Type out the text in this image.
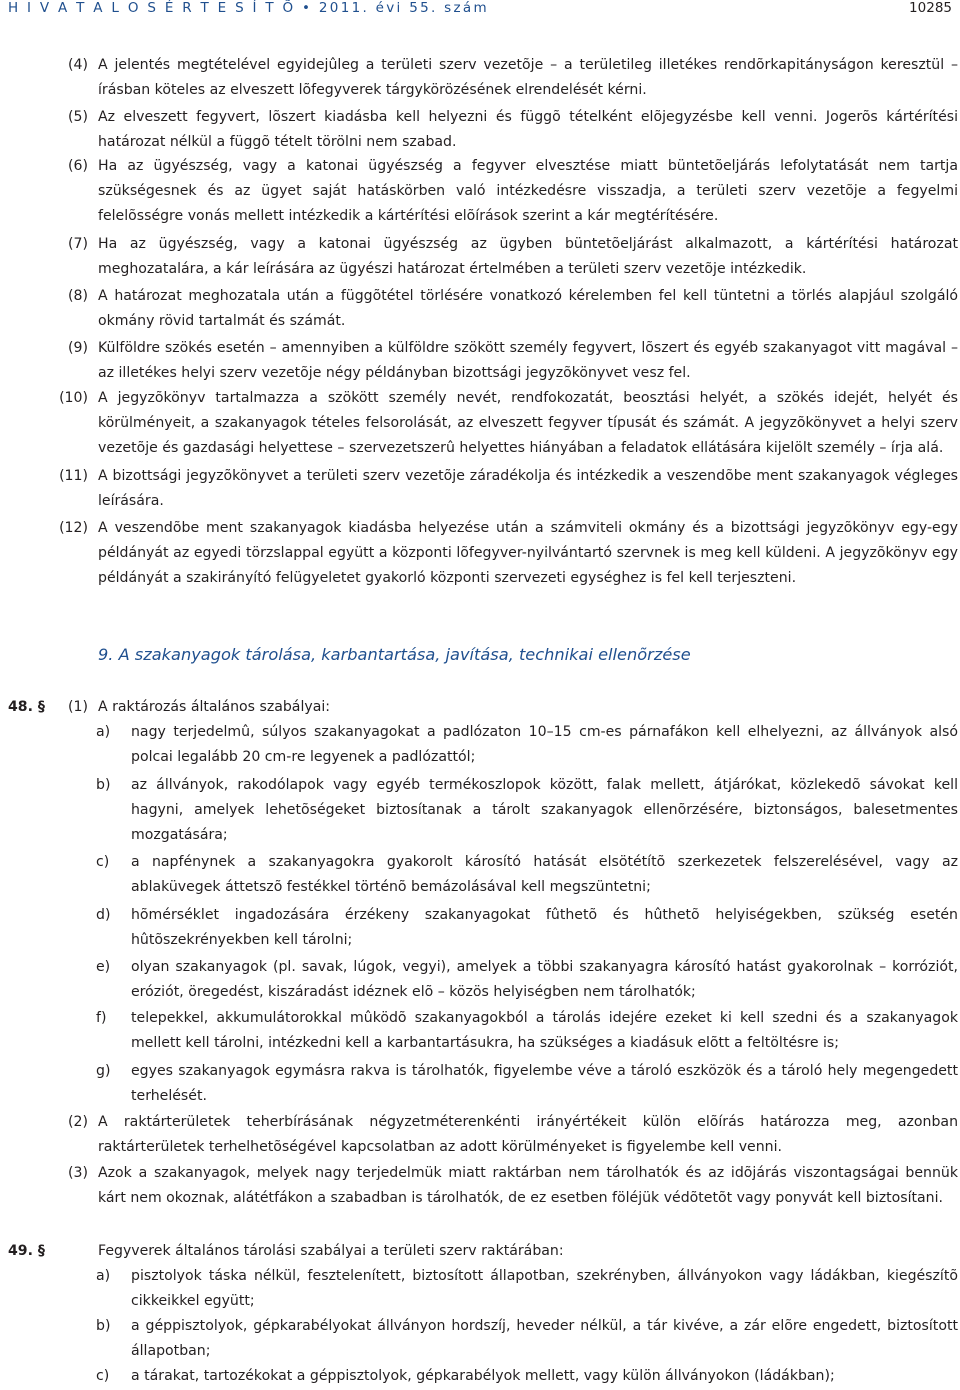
H I V A T A L O S É R T E S Í T Õ • 2011. évi 55. szám	10285
(4) A jelentés megtételével egyidejûleg a területi szerv vezetõje – a területileg illetékes rendõrkapitányságon keresztül – írásban köteles az elveszett lõfegyverek tárgykörözésének elrendelését kérni.

(5) Az elveszett fegyvert, lõszert kiadásba kell helyezni és függõ tételként elõjegyzésbe kell venni. Jogerõs kártérítési határozat nélkül a függõ tételt törölni nem szabad.

(6) Ha az ügyészség, vagy a katonai ügyészség a fegyver elvesztése miatt büntetõeljárás lefolytatását nem tartja szükségesnek és az ügyet saját hatáskörben való intézkedésre visszadja, a területi szerv vezetõje a fegyelmi felelõsségre vonás mellett intézkedik a kártérítési elõírások szerint a kár megtérítésére.

(7) Ha az ügyészség, vagy a katonai ügyészség az ügyben büntetõeljárást alkalmazott, a kártérítési határozat meghozatalára, a kár leírására az ügyészi határozat értelmében a területi szerv vezetõje intézkedik.

(8) A határozat meghozatala után a függõtétel törlésére vonatkozó kérelemben fel kell tüntetni a törlés alapjául szolgáló okmány rövid tartalmát és számát.

(9) Külföldre szökés esetén – amennyiben a külföldre szökött személy fegyvert, lõszert és egyéb szakanyagot vitt magával – az illetékes helyi szerv vezetõje négy példányban bizottsági jegyzõkönyvet vesz fel.

(10) A jegyzõkönyv tartalmazza a szökött személy nevét, rendfokozatát, beosztási helyét, a szökés idejét, helyét és körülményeit, a szakanyagok tételes felsorolását, az elveszett fegyver típusát és számát. A jegyzõkönyvet a helyi szerv vezetõje és gazdasági helyettese – szervezetszerû helyettes hiányában a feladatok ellátására kijelölt személy – írja alá.

(11) A bizottsági jegyzõkönyvet a területi szerv vezetõje záradékolja és intézkedik a veszendõbe ment szakanyagok végleges leírására.

(12) A veszendõbe ment szakanyagok kiadásba helyezése után a számviteli okmány és a bizottsági jegyzõkönyv egy-egy példányát az egyedi törzslappal együtt a központi lõfegyver-nyilvántartó szervnek is meg kell küldeni. A jegyzõkönyv egy példányát a szakirányító felügyeletet gyakorló központi szervezeti egységhez is fel kell terjeszteni.

9. A szakanyagok tárolása, karbantartása, javítása, technikai ellenõrzése
48. §	(1) A raktározás általános szabályai:

a) nagy terjedelmû, súlyos szakanyagokat a padlózaton 10–15 cm-es párnafákon kell elhelyezni, az állványok alsó polcai legalább 20 cm-re legyenek a padlózattól;

b) az állványok, rakodólapok vagy egyéb termékoszlopok között, falak mellett, átjárókat, közlekedõ sávokat kell hagyni, amelyek lehetõségeket biztosítanak a tárolt szakanyagok ellenõrzésére, biztonságos, balesetmentes mozgatására;

c) a napfénynek a szakanyagokra gyakorolt károsító hatását elsötétítõ szerkezetek felszerelésével, vagy az ablaküvegek áttetszõ festékkel történõ bemázolásával kell megszüntetni;

d) hõmérséklet ingadozására érzékeny szakanyagokat fûthetõ és hûthetõ helyiségekben, szükség esetén hûtõszekrényekben kell tárolni;

e) olyan szakanyagok (pl. savak, lúgok, vegyi), amelyek a többi szakanyagra károsító hatást gyakorolnak – korróziót, eróziót, öregedést, kiszáradást idéznek elõ – közös helyiségben nem tárolhatók;

f) telepekkel, akkumulátorokkal mûködõ szakanyagokból a tárolás idejére ezeket ki kell szedni és a szakanyagok mellett kell tárolni, intézkedni kell a karbantartásukra, ha szükséges a kiadásuk elõtt a feltöltésre is;

g) egyes szakanyagok egymásra rakva is tárolhatók, figyelembe véve a tároló eszközök és a tároló hely megengedett terhelését.

(2) A raktárterületek teherbírásának négyzetméterenkénti irányértékeit külön elõírás határozza meg, azonban raktárterületek terhelhetõségével kapcsolatban az adott körülményeket is figyelembe kell venni.

(3) Azok a szakanyagok, melyek nagy terjedelmük miatt raktárban nem tárolhatók és az idõjárás viszontagságai bennük kárt nem okoznak, alátétfákon a szabadban is tárolhatók, de ez esetben föléjük védõtetõt vagy ponyvát kell biztosítani.

49. §	Fegyverek általános tárolási szabályai a területi szerv raktárában:

a) pisztolyok táska nélkül, fesztelenített, biztosított állapotban, szekrényben, állványokon vagy ládákban, kiegészítõ cikkeikkel együtt;

b) a géppisztolyok, gépkarabélyokat állványon hordszíj, heveder nélkül, a tár kivéve, a zár elõre engedett, biztosított állapotban;

c) a tárakat, tartozékokat a géppisztolyok, gépkarabélyok mellett, vagy külön állványokon (ládákban);
